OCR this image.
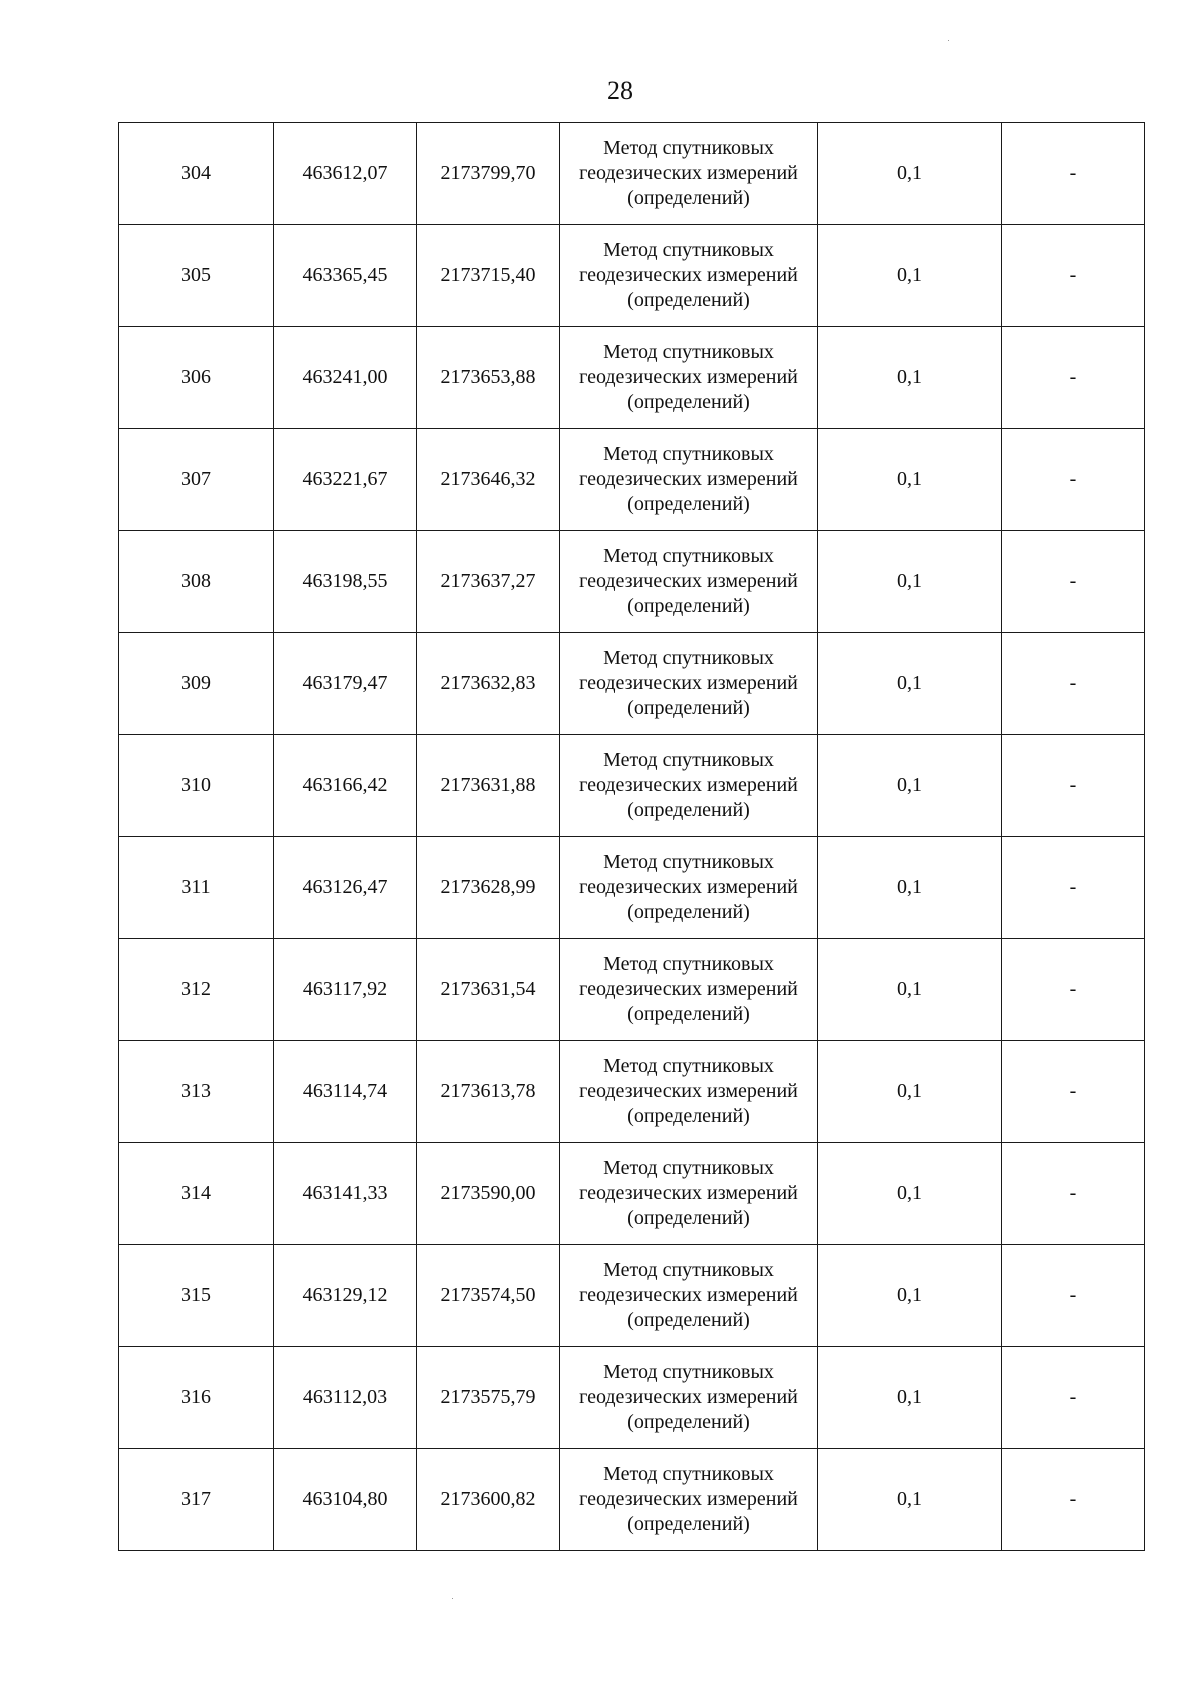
28
304	463612,07	2173799,70	Метод спутниковых геодезических измерений (определений)	0,1	-
305	463365,45	2173715,40	Метод спутниковых геодезических измерений (определений)	0,1	-
306	463241,00	2173653,88	Метод спутниковых геодезических измерений (определений)	0,1	-
307	463221,67	2173646,32	Метод спутниковых геодезических измерений (определений)	0,1	-
308	463198,55	2173637,27	Метод спутниковых геодезических измерений (определений)	0,1	-
309	463179,47	2173632,83	Метод спутниковых геодезических измерений (определений)	0,1	-
310	463166,42	2173631,88	Метод спутниковых геодезических измерений (определений)	0,1	-
311	463126,47	2173628,99	Метод спутниковых геодезических измерений (определений)	0,1	-
312	463117,92	2173631,54	Метод спутниковых геодезических измерений (определений)	0,1	-
313	463114,74	2173613,78	Метод спутниковых геодезических измерений (определений)	0,1	-
314	463141,33	2173590,00	Метод спутниковых геодезических измерений (определений)	0,1	-
315	463129,12	2173574,50	Метод спутниковых геодезических измерений (определений)	0,1	-
316	463112,03	2173575,79	Метод спутниковых геодезических измерений (определений)	0,1	-
317	463104,80	2173600,82	Метод спутниковых геодезических измерений (определений)	0,1	-
